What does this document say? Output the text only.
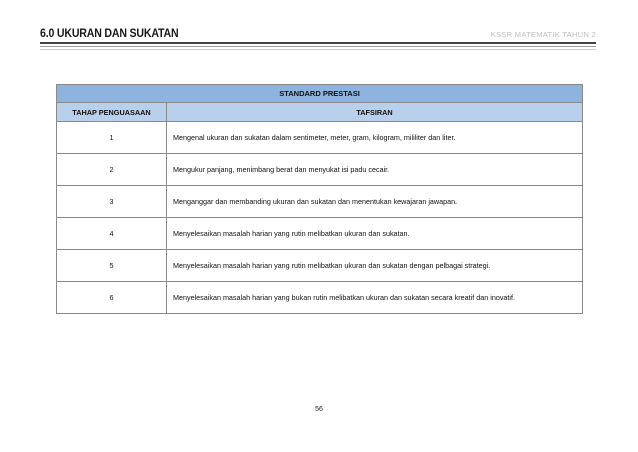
6.0 UKURAN DAN SUKATAN	KSSR MATEMATIK TAHUN 2
STANDARD PRESTASI	
TAHAP PENGUASAAN	TAFSIRAN
1	Mengenal ukuran dan sukatan dalam sentimeter, meter, gram, kilogram, mililiter dan liter.
2	Mengukur panjang, menimbang berat dan menyukat isi padu cecair.
3	Menganggar dan membanding ukuran dan sukatan dan menentukan kewajaran jawapan.
4	Menyelesaikan masalah harian yang rutin melibatkan ukuran dan sukatan.
5	Menyelesaikan masalah harian yang rutin melibatkan ukuran dan sukatan dengan pelbagai strategi.
6	Menyelesaikan masalah harian yang bukan rutin melibatkan ukuran dan sukatan secara kreatif dan inovatif.
56
